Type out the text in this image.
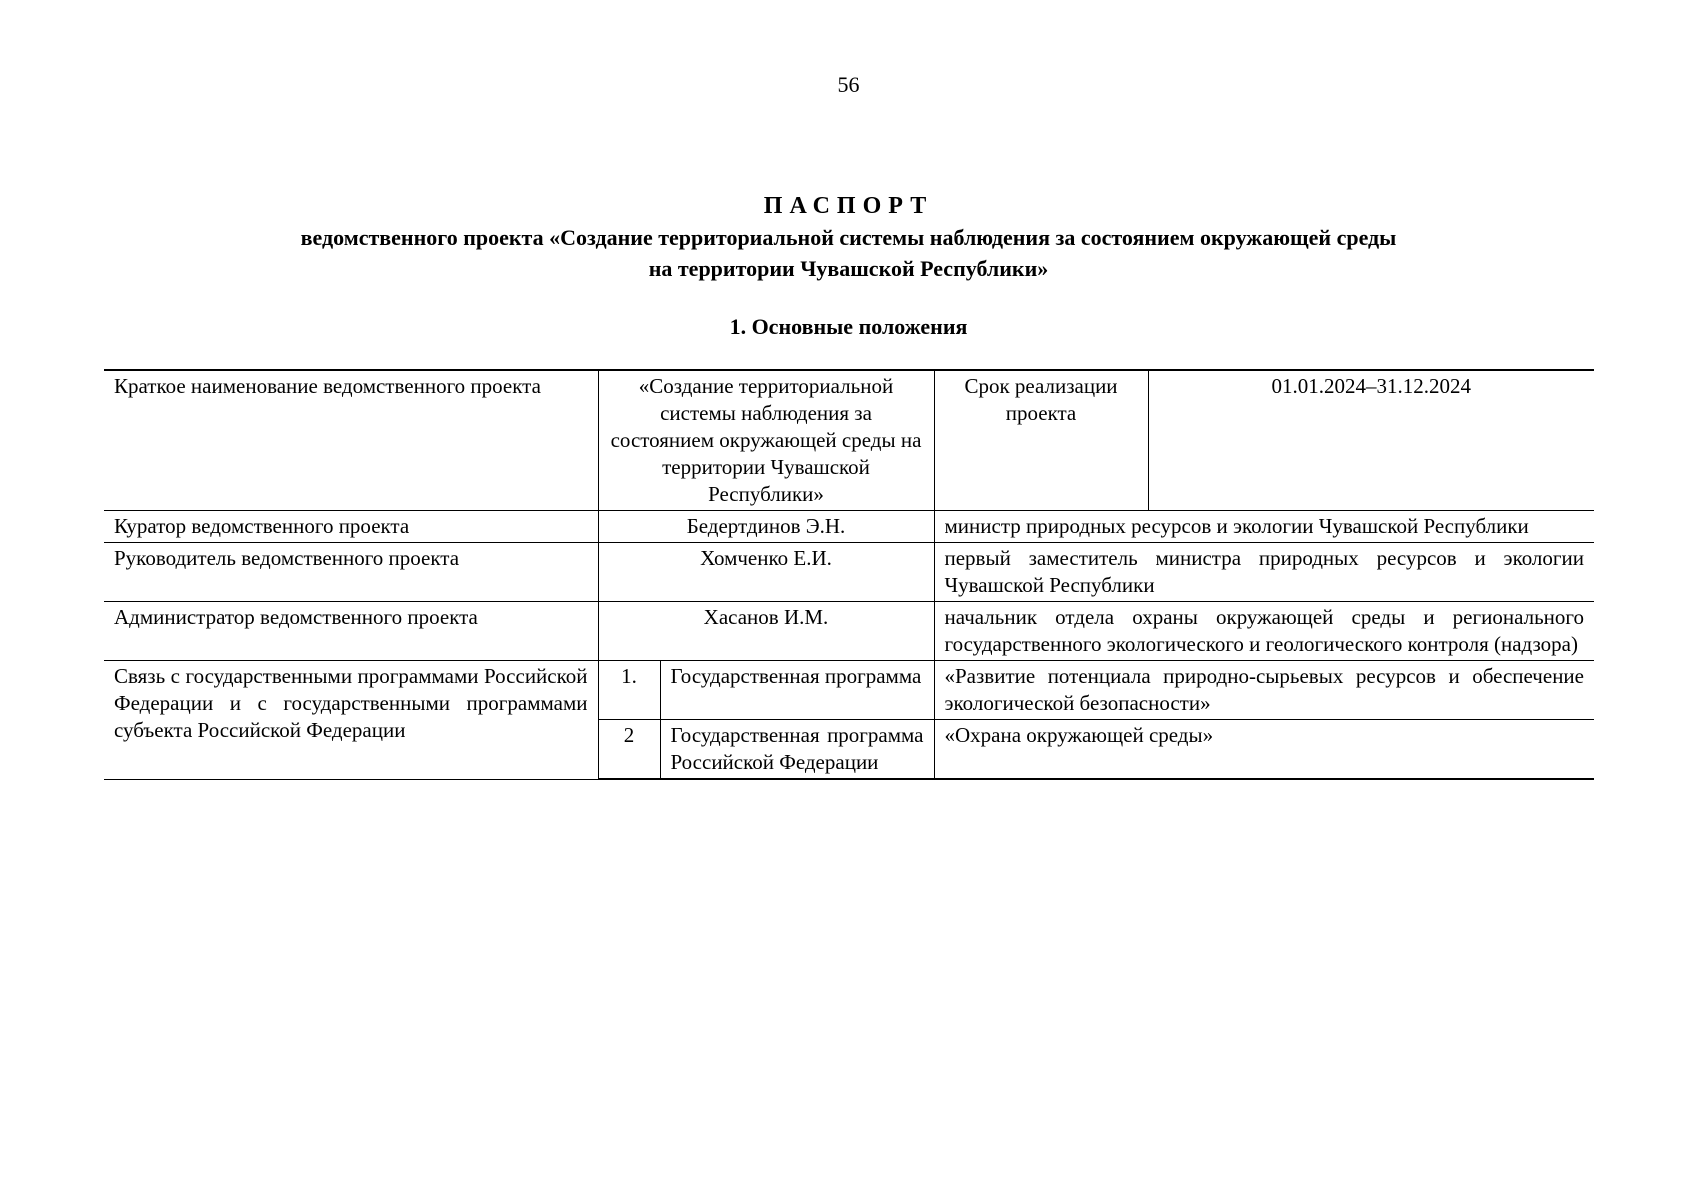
56
ПАСПОРТ
ведомственного проекта «Создание территориальной системы наблюдения за состоянием окружающей среды
на территории Чувашской Республики»
1. Основные положения
Краткое наименование ведомственного проекта	«Создание территориальной системы наблюдения за состоянием окружающей среды на территории Чувашской Республики»		Срок реализации проекта	01.01.2024–31.12.2024
Куратор ведомственного проекта	Бедертдинов Э.Н.		министр природных ресурсов и экологии Чувашской Республики	
Руководитель ведомственного проекта	Хомченко Е.И.		первый заместитель министра природных ресурсов и экологии Чувашской Республики	
Администратор ведомственного проекта	Хасанов И.М.		начальник отдела охраны окружающей среды и регионального государственного экологического и геологического контроля (надзора)	
Связь с государственными программами Российской Федерации и с государственными программами субъекта Российской Федерации	1.	Государственная программа	«Развитие потенциала природно-сырьевых ресурсов и обеспечение экологической безопасности»	
	2	Государственная программа Российской Федерации	«Охрана окружающей среды»	
